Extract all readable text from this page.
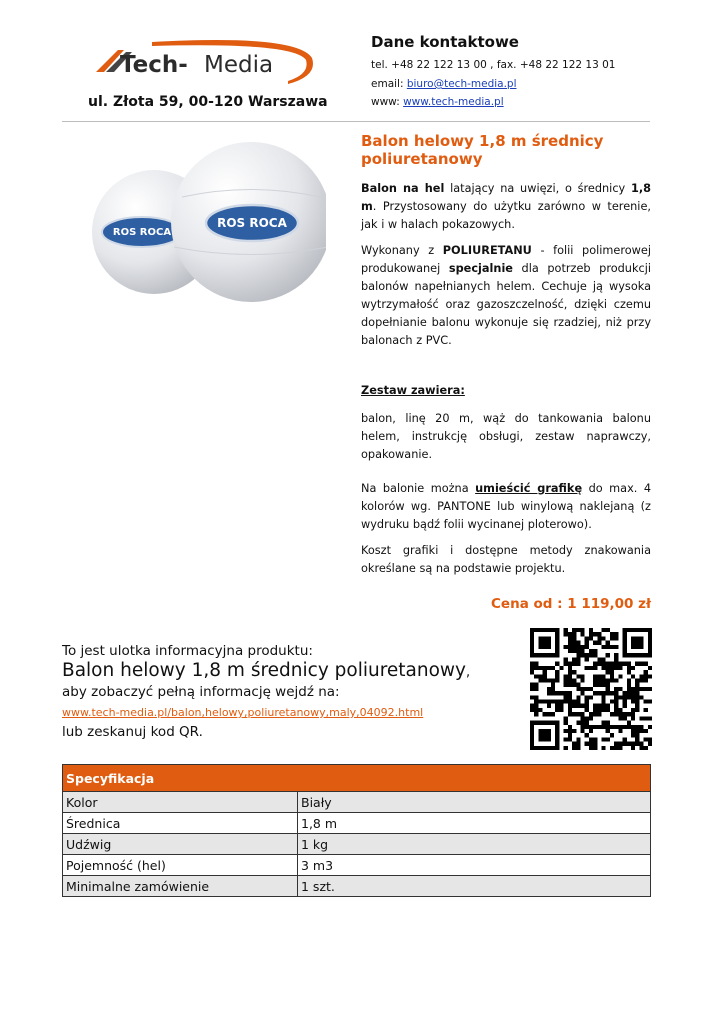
Tech- Media
ul. Złota 59, 00-120 Warszawa
Dane kontaktowe
tel. +48 22 122 13 00 , fax. +48 22 122 13 01
email: biuro@tech-media.pl
www: www.tech-media.pl
ROS ROCA
ROS ROCA
Balon helowy 1,8 m średnicy poliuretanowy

Balon na hel latający na uwięzi, o średnicy 1,8 m. Przystosowany do użytku zarówno w terenie, jak i w halach pokazowych.

Wykonany z POLIURETANU - folii polimerowej produkowanej specjalnie dla potrzeb produkcji balonów napełnianych helem. Cechuje ją wysoka wytrzymałość oraz gazoszczelność, dzięki czemu dopełnianie balonu wykonuje się rzadziej, niż przy balonach z PVC.

Zestaw zawiera:

balon, linę 20 m, wąż do tankowania balonu helem, instrukcję obsługi, zestaw naprawczy, opakowanie.

Na balonie można umieścić grafikę do max. 4 kolorów wg. PANTONE lub winylową naklejaną (z wydruku bądź folii wycinanej ploterowo).

Koszt grafiki i dostępne metody znakowania określane są na podstawie projektu.

Cena od : 1 119,00 zł

To jest ulotka informacyjna produktu:
Balon helowy 1,8 m średnicy poliuretanowy,
aby zobaczyć pełną informację wejdź na:
www.tech-media.pl/balon,helowy,poliuretanowy,maly,04092.html
lub zeskanuj kod QR.
Specyfikacja	
Kolor	Biały
Średnica	1,8 m
Udźwig	1 kg
Pojemność (hel)	3 m3
Minimalne zamówienie	1 szt.
